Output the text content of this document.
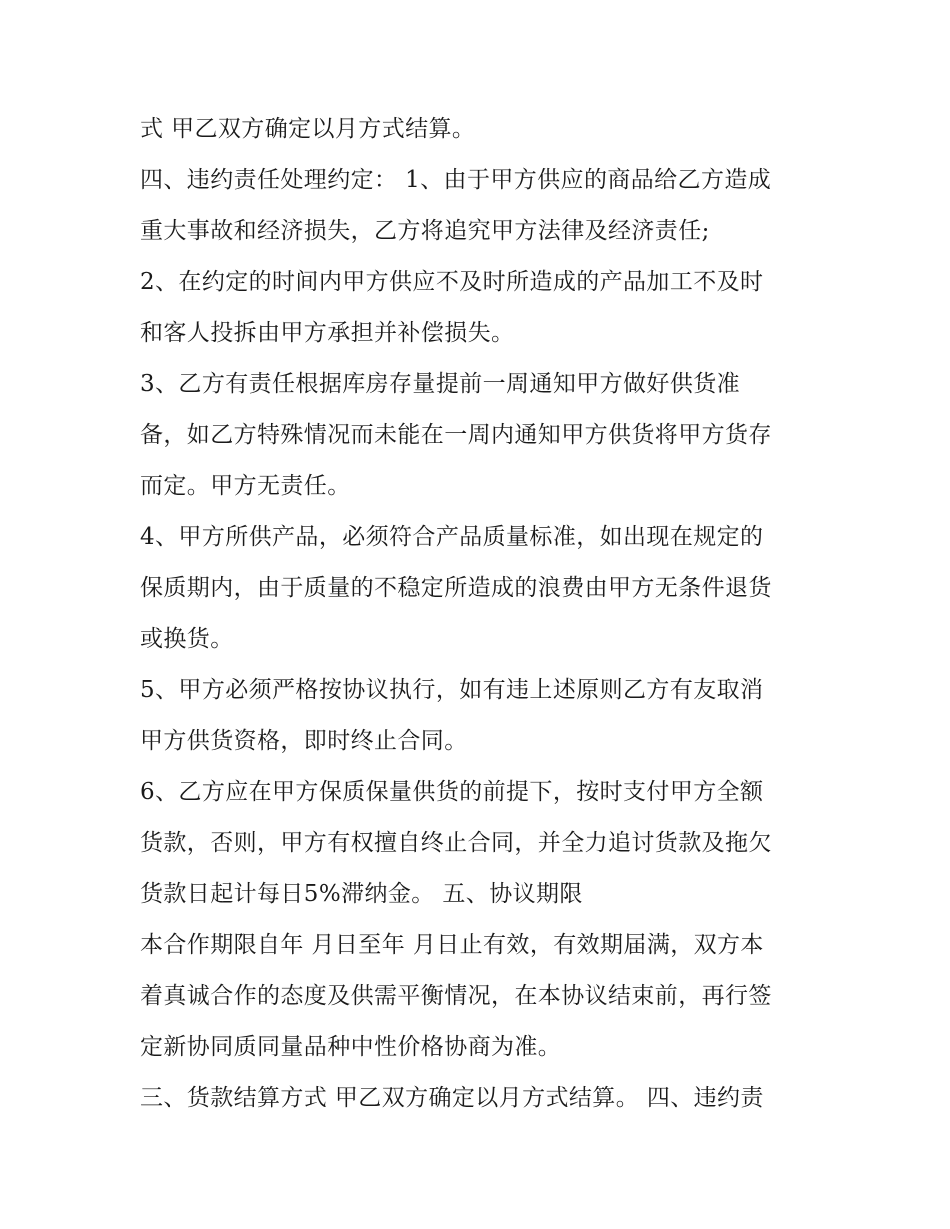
式 甲乙双方确定以月方式结算。
四、违约责任处理约定： 1、由于甲方供应的商品给乙方造成
重大事故和经济损失，乙方将追究甲方法律及经济责任;
2、在约定的时间内甲方供应不及时所造成的产品加工不及时
和客人投拆由甲方承担并补偿损失。
3、乙方有责任根据库房存量提前一周通知甲方做好供货准
备，如乙方特殊情况而未能在一周内通知甲方供货将甲方货存
而定。甲方无责任。
4、甲方所供产品，必须符合产品质量标准，如出现在规定的
保质期内，由于质量的不稳定所造成的浪费由甲方无条件退货
或换货。
5、甲方必须严格按协议执行，如有违上述原则乙方有友取消
甲方供货资格，即时终止合同。
6、乙方应在甲方保质保量供货的前提下，按时支付甲方全额
货款，否则，甲方有权擅自终止合同，并全力追讨货款及拖欠
货款日起计每日5%滞纳金。 五、协议期限
本合作期限自年 月日至年 月日止有效，有效期届满，双方本
着真诚合作的态度及供需平衡情况，在本协议结束前，再行签
定新协同质同量品种中性价格协商为准。
三、货款结算方式 甲乙双方确定以月方式结算。 四、违约责
